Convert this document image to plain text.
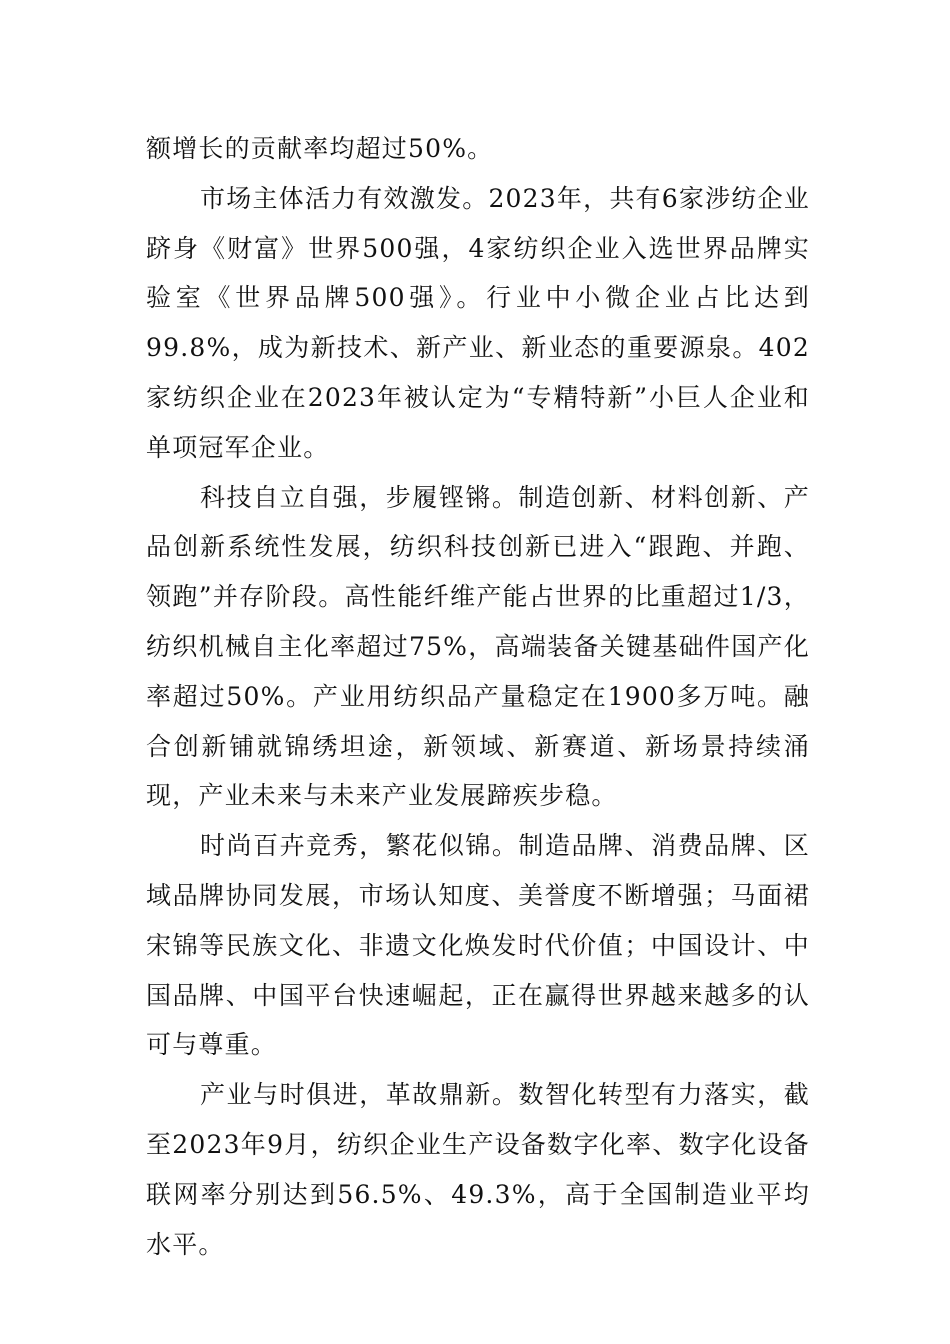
额增长的贡献率均超过50%。

市场主体活力有效激发。2023年，共有6家涉纺企业跻身《财富》世界500强，4家纺织企业入选世界品牌实验室《世界品牌500强》。行业中小微企业占比达到99.8%，成为新技术、新产业、新业态的重要源泉。402家纺织企业在2023年被认定为“专精特新”小巨人企业和单项冠军企业。

科技自立自强，步履铿锵。制造创新、材料创新、产品创新系统性发展，纺织科技创新已进入“跟跑、并跑、领跑”并存阶段。高性能纤维产能占世界的比重超过1/3，纺织机械自主化率超过75%，高端装备关键基础件国产化率超过50%。产业用纺织品产量稳定在1900多万吨。融合创新铺就锦绣坦途，新领域、新赛道、新场景持续涌现，产业未来与未来产业发展蹄疾步稳。

时尚百卉竞秀，繁花似锦。制造品牌、消费品牌、区域品牌协同发展，市场认知度、美誉度不断增强；马面裙宋锦等民族文化、非遗文化焕发时代价值；中国设计、中国品牌、中国平台快速崛起，正在赢得世界越来越多的认可与尊重。

产业与时俱进，革故鼎新。数智化转型有力落实，截至2023年9月，纺织企业生产设备数字化率、数字化设备联网率分别达到56.5%、49.3%，高于全国制造业平均水平。
